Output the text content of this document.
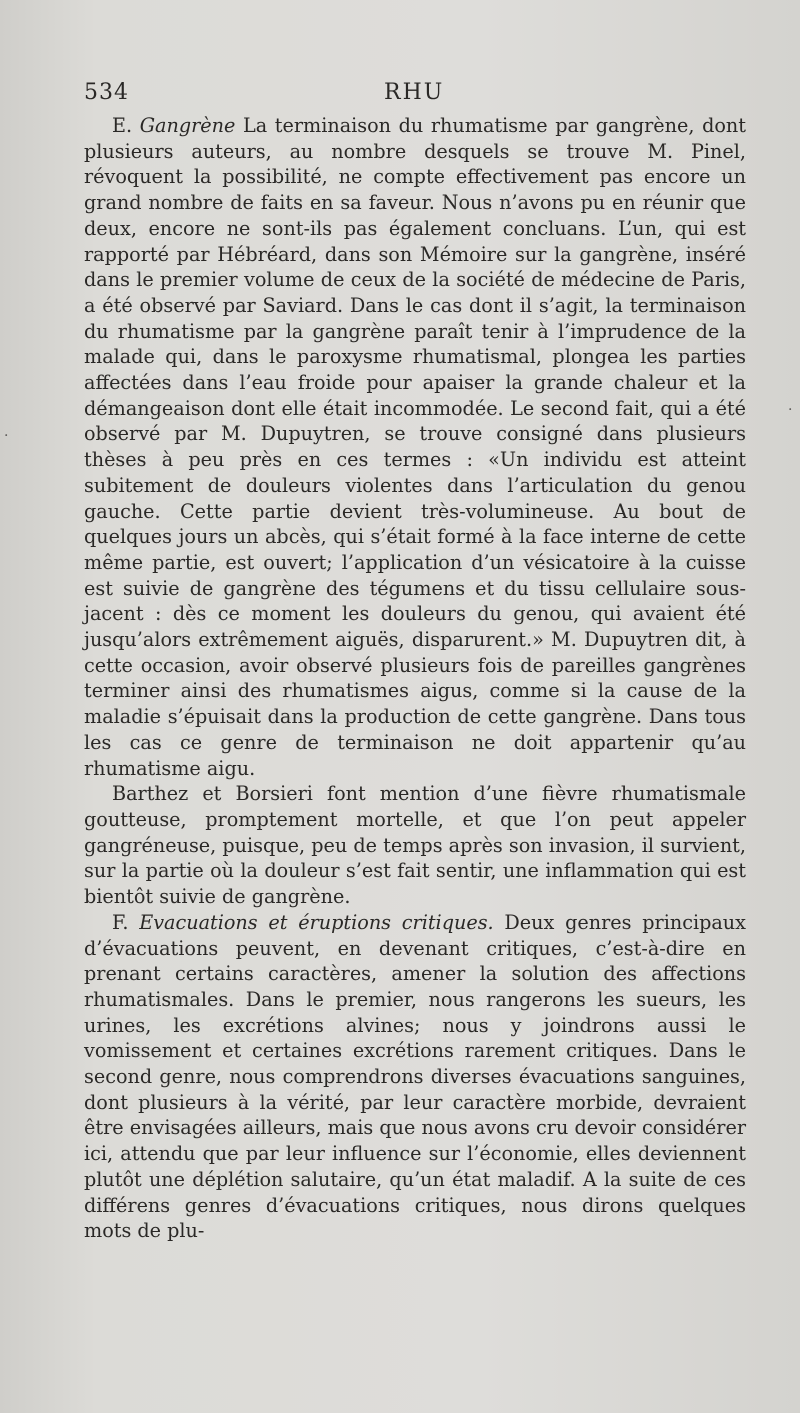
534	RHU

E. Gangrène La terminaison du rhumatisme par gangrène, dont plusieurs auteurs, au nombre desquels se trouve M. Pinel, révoquent la possibilité, ne compte effectivement pas encore un grand nombre de faits en sa faveur. Nous n’avons pu en réunir que deux, encore ne sont-ils pas également concluans. L’un, qui est rapporté par Hébréard, dans son Mémoire sur la gangrène, inséré dans le premier volume de ceux de la société de médecine de Paris, a été observé par Saviard. Dans le cas dont il s’agit, la terminaison du rhumatisme par la gangrène paraît tenir à l’imprudence de la malade qui, dans le paroxysme rhumatismal, plongea les parties affectées dans l’eau froide pour apaiser la grande chaleur et la démangeaison dont elle était incommodée. Le second fait, qui a été observé par M. Dupuytren, se trouve consigné dans plusieurs thèses à peu près en ces termes : «Un individu est atteint subitement de douleurs violentes dans l’articulation du genou gauche. Cette partie devient très-volumineuse. Au bout de quelques jours un abcès, qui s’était formé à la face interne de cette même partie, est ouvert; l’application d’un vésicatoire à la cuisse est suivie de gangrène des tégumens et du tissu cellulaire sous-jacent : dès ce moment les douleurs du genou, qui avaient été jusqu’alors extrêmement aiguës, disparurent.» M. Dupuytren dit, à cette occasion, avoir observé plusieurs fois de pareilles gangrènes terminer ainsi des rhumatismes aigus, comme si la cause de la maladie s’épuisait dans la production de cette gangrène. Dans tous les cas ce genre de terminaison ne doit appartenir qu’au rhumatisme aigu.

Barthez et Borsieri font mention d’une fièvre rhumatismale goutteuse, promptement mortelle, et que l’on peut appeler gangréneuse, puisque, peu de temps après son invasion, il survient, sur la partie où la douleur s’est fait sentir, une inflammation qui est bientôt suivie de gangrène.

F. Evacuations et éruptions critiques. Deux genres principaux d’évacuations peuvent, en devenant critiques, c’est-à-dire en prenant certains caractères, amener la solution des affections rhumatismales. Dans le premier, nous rangerons les sueurs, les urines, les excrétions alvines; nous y joindrons aussi le vomissement et certaines excrétions rarement critiques. Dans le second genre, nous comprendrons diverses évacuations sanguines, dont plusieurs à la vérité, par leur caractère morbide, devraient être envisagées ailleurs, mais que nous avons cru devoir considérer ici, attendu que par leur influence sur l’économie, elles deviennent plutôt une déplétion salutaire, qu’un état maladif. A la suite de ces différens genres d’évacuations critiques, nous dirons quelques mots de plu-

·
·
